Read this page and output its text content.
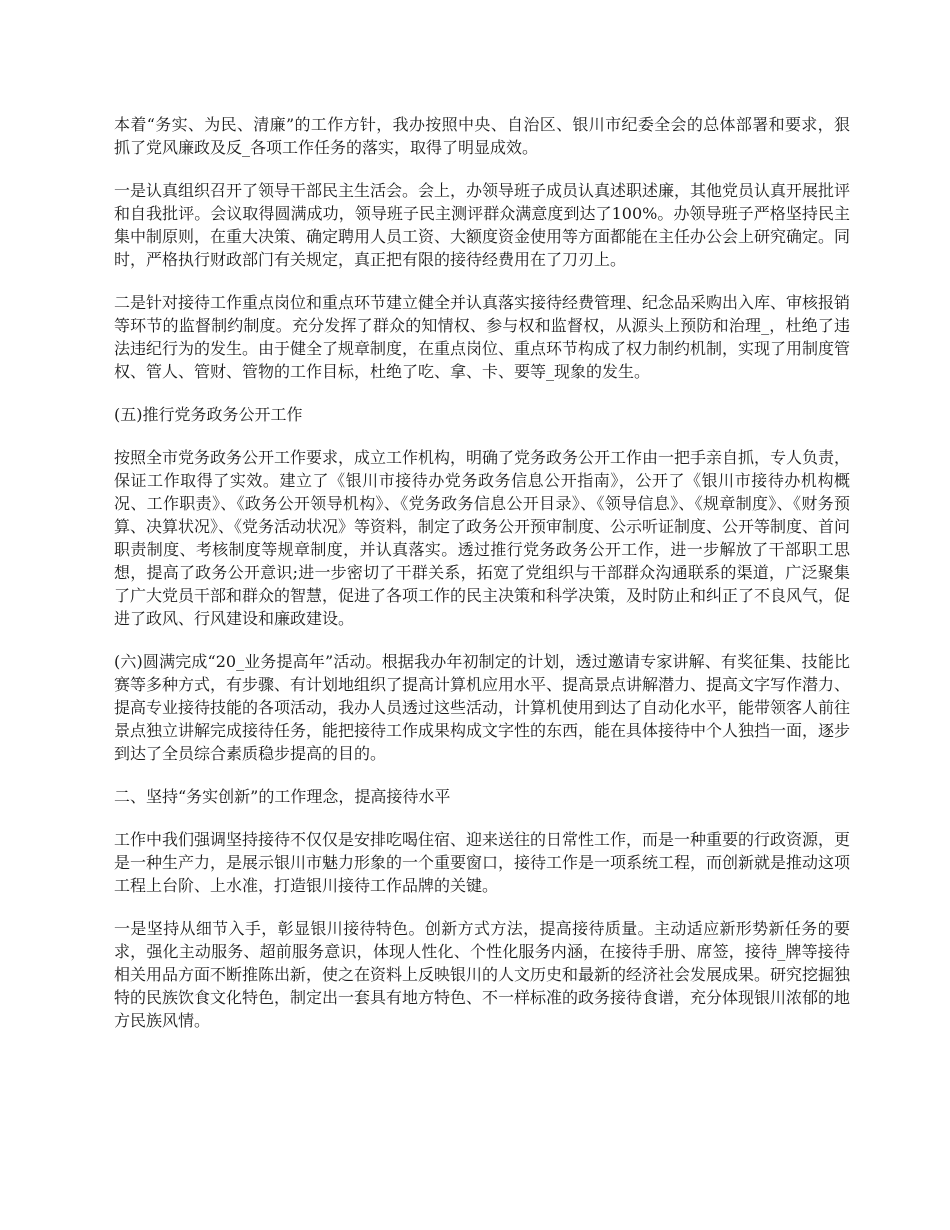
本着“务实、为民、清廉”的工作方针，我办按照中央、自治区、银川市纪委全会的总体部署和要求，狠抓了党风廉政及反_各项工作任务的落实，取得了明显成效。

一是认真组织召开了领导干部民主生活会。会上，办领导班子成员认真述职述廉，其他党员认真开展批评和自我批评。会议取得圆满成功，领导班子民主测评群众满意度到达了100%。办领导班子严格坚持民主集中制原则，在重大决策、确定聘用人员工资、大额度资金使用等方面都能在主任办公会上研究确定。同时，严格执行财政部门有关规定，真正把有限的接待经费用在了刀刃上。

二是针对接待工作重点岗位和重点环节建立健全并认真落实接待经费管理、纪念品采购出入库、审核报销等环节的监督制约制度。充分发挥了群众的知情权、参与权和监督权，从源头上预防和治理_，杜绝了违法违纪行为的发生。由于健全了规章制度，在重点岗位、重点环节构成了权力制约机制，实现了用制度管权、管人、管财、管物的工作目标，杜绝了吃、拿、卡、要等_现象的发生。

(五)推行党务政务公开工作

按照全市党务政务公开工作要求，成立工作机构，明确了党务政务公开工作由一把手亲自抓，专人负责，保证工作取得了实效。建立了《银川市接待办党务政务信息公开指南》，公开了《银川市接待办机构概况、工作职责》、《政务公开领导机构》、《党务政务信息公开目录》、《领导信息》、《规章制度》、《财务预算、决算状况》、《党务活动状况》等资料，制定了政务公开预审制度、公示听证制度、公开等制度、首问职责制度、考核制度等规章制度，并认真落实。透过推行党务政务公开工作，进一步解放了干部职工思想，提高了政务公开意识;进一步密切了干群关系，拓宽了党组织与干部群众沟通联系的渠道，广泛聚集了广大党员干部和群众的智慧，促进了各项工作的民主决策和科学决策，及时防止和纠正了不良风气，促进了政风、行风建设和廉政建设。

(六)圆满完成“20_业务提高年”活动。根据我办年初制定的计划，透过邀请专家讲解、有奖征集、技能比赛等多种方式，有步骤、有计划地组织了提高计算机应用水平、提高景点讲解潜力、提高文字写作潜力、提高专业接待技能的各项活动，我办人员透过这些活动，计算机使用到达了自动化水平，能带领客人前往景点独立讲解完成接待任务，能把接待工作成果构成文字性的东西，能在具体接待中个人独挡一面，逐步到达了全员综合素质稳步提高的目的。

二、坚持“务实创新”的工作理念，提高接待水平

工作中我们强调坚持接待不仅仅是安排吃喝住宿、迎来送往的日常性工作，而是一种重要的行政资源，更是一种生产力，是展示银川市魅力形象的一个重要窗口，接待工作是一项系统工程，而创新就是推动这项工程上台阶、上水准，打造银川接待工作品牌的关键。

一是坚持从细节入手，彰显银川接待特色。创新方式方法，提高接待质量。主动适应新形势新任务的要求，强化主动服务、超前服务意识，体现人性化、个性化服务内涵，在接待手册、席签，接待_牌等接待相关用品方面不断推陈出新，使之在资料上反映银川的人文历史和最新的经济社会发展成果。研究挖掘独特的民族饮食文化特色，制定出一套具有地方特色、不一样标准的政务接待食谱，充分体现银川浓郁的地方民族风情。
